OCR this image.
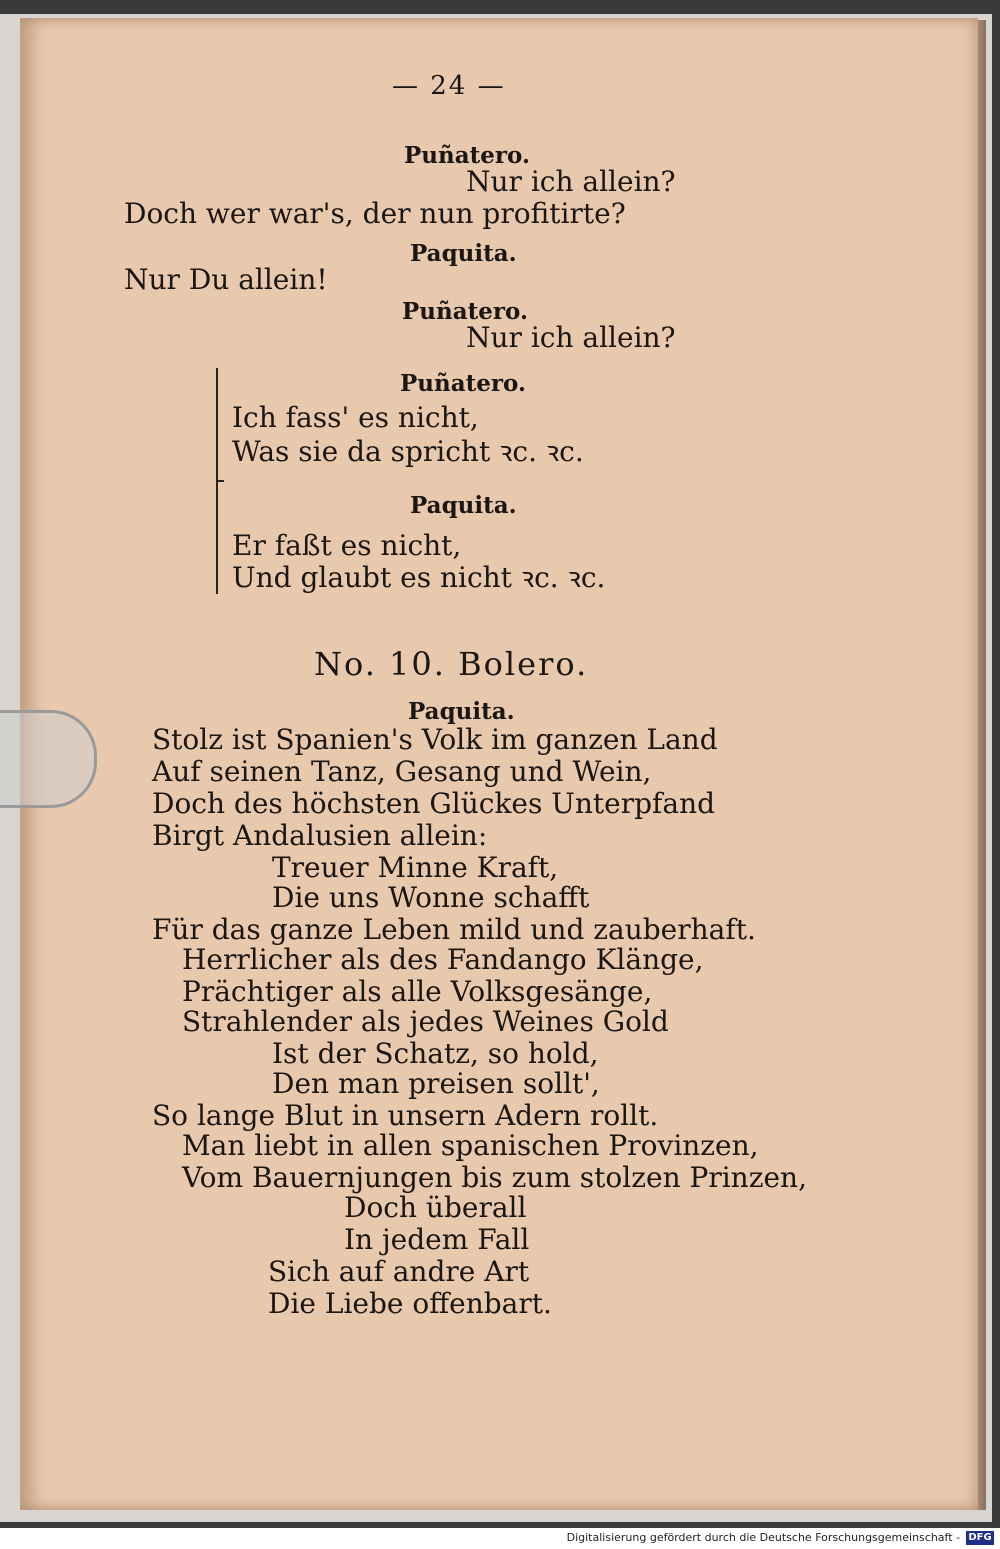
— 24 —
Puñatero.
Nur ich allein?
Doch wer war's, der nun profitirte?
Paquita.
Nur Du allein!
Puñatero.
Nur ich allein?
Puñatero.
Ich fass' es nicht,
Was sie da spricht ꝛc. ꝛc.
Paquita.
Er faßt es nicht,
Und glaubt es nicht ꝛc. ꝛc.
No. 10. Bolero.
Paquita.
Stolz ist Spanien's Volk im ganzen Land
Auf seinen Tanz, Gesang und Wein,
Doch des höchsten Glückes Unterpfand
Birgt Andalusien allein:
Treuer Minne Kraft,
Die uns Wonne schafft
Für das ganze Leben mild und zauberhaft.
Herrlicher als des Fandango Klänge,
Prächtiger als alle Volksgesänge,
Strahlender als jedes Weines Gold
Ist der Schatz, so hold,
Den man preisen sollt',
So lange Blut in unsern Adern rollt.
Man liebt in allen spanischen Provinzen,
Vom Bauernjungen bis zum stolzen Prinzen,
Doch überall
In jedem Fall
Sich auf andre Art
Die Liebe offenbart.
Digitalisierung gefördert durch die Deutsche Forschungsgemeinschaft - DFG
